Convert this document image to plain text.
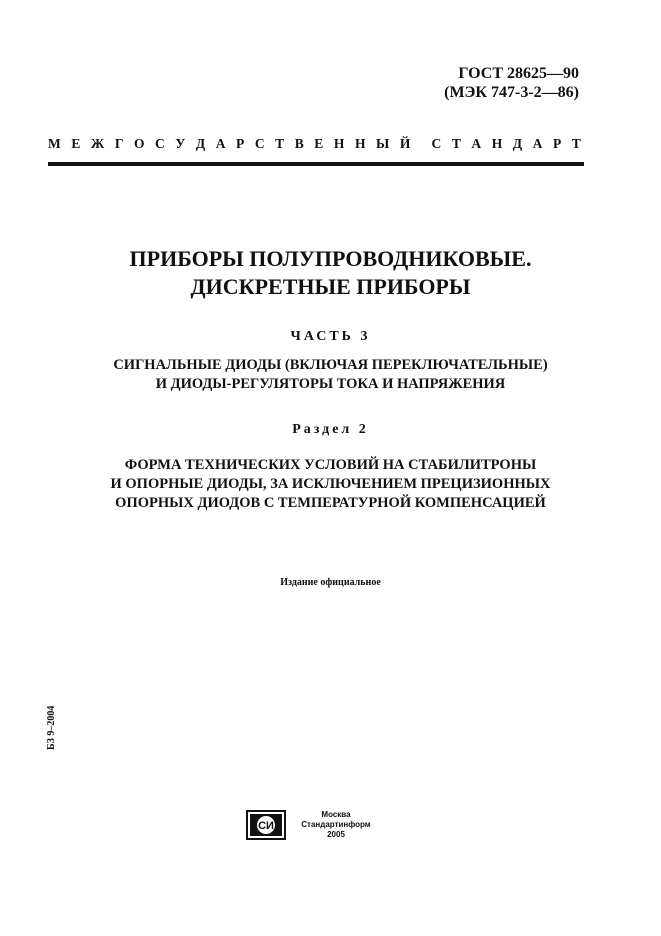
ГОСТ 28625—90
(МЭК 747-3-2—86)
М Е Ж Г О С У Д А Р С Т В Е Н Н Ы Й С Т А Н Д А Р Т
ПРИБОРЫ ПОЛУПРОВОДНИКОВЫЕ.
ДИСКРЕТНЫЕ ПРИБОРЫ
ЧАСТЬ 3
СИГНАЛЬНЫЕ ДИОДЫ (ВКЛЮЧАЯ ПЕРЕКЛЮЧАТЕЛЬНЫЕ)
И ДИОДЫ-РЕГУЛЯТОРЫ ТОКА И НАПРЯЖЕНИЯ
Раздел 2
ФОРМА ТЕХНИЧЕСКИХ УСЛОВИЙ НА СТАБИЛИТРОНЫ
И ОПОРНЫЕ ДИОДЫ, ЗА ИСКЛЮЧЕНИЕМ ПРЕЦИЗИОННЫХ
ОПОРНЫХ ДИОДОВ С ТЕМПЕРАТУРНОЙ КОМПЕНСАЦИЕЙ
Издание официальное
БЗ 9–2004
СИ
Москва
Стандартинформ
2005
